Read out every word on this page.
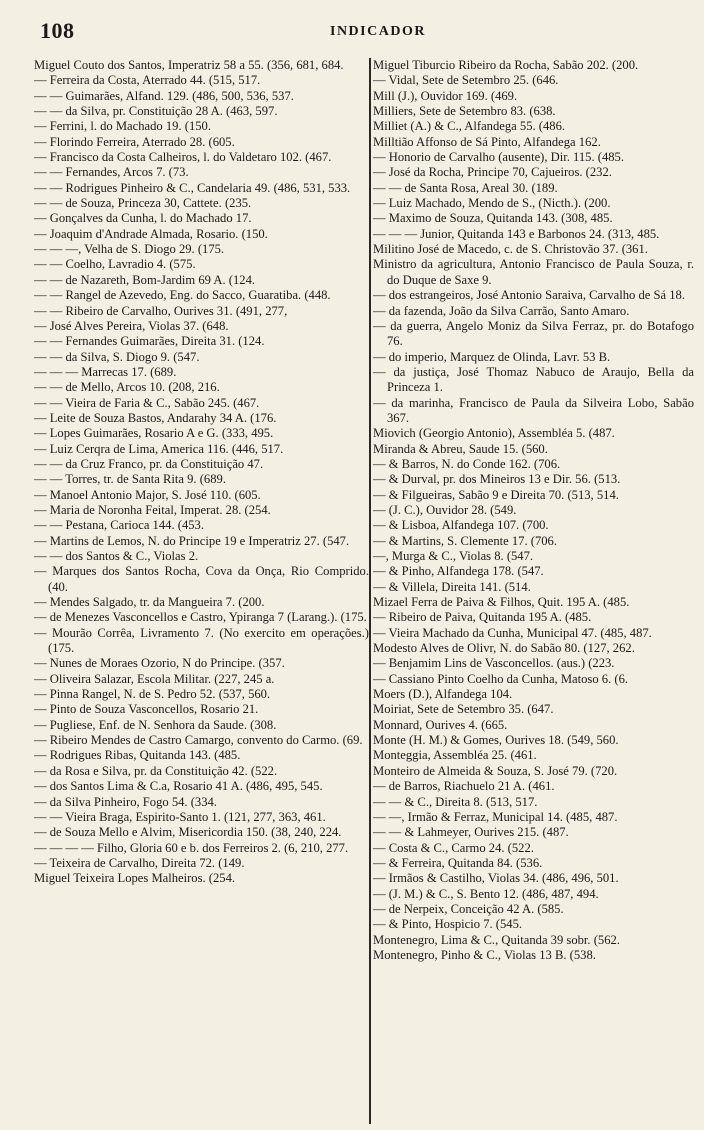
108	INDICADOR
Miguel Couto dos Santos, Imperatriz 58 a 55. (356, 681, 684.
— Ferreira da Costa, Aterrado 44. (515, 517.
— — Guimarães, Alfand. 129. (486, 500, 536, 537.
— — da Silva, pr. Constituição 28 A. (463, 597.
— Ferrini, l. do Machado 19. (150.
— Florindo Ferreira, Aterrado 28. (605.
— Francisco da Costa Calheiros, l. do Valdetaro 102. (467.
— — Fernandes, Arcos 7. (73.
— — Rodrigues Pinheiro & C., Candelaria 49. (486, 531, 533.
— — de Souza, Princeza 30, Cattete. (235.
— Gonçalves da Cunha, l. do Machado 17.
— Joaquim d'Andrade Almada, Rosario. (150.
— — —, Velha de S. Diogo 29. (175.
— — Coelho, Lavradio 4. (575.
— — de Nazareth, Bom-Jardim 69 A. (124.
— — Rangel de Azevedo, Eng. do Sacco, Guaratiba. (448.
— — Ribeiro de Carvalho, Ourives 31. (491, 277,
— José Alves Pereira, Violas 37. (648.
— — Fernandes Guimarães, Direita 31. (124.
— — da Silva, S. Diogo 9. (547.
— — — Marrecas 17. (689.
— — de Mello, Arcos 10. (208, 216.
— — Vieira de Faria & C., Sabão 245. (467.
— Leite de Souza Bastos, Andarahy 34 A. (176.
— Lopes Guimarães, Rosario A e G. (333, 495.
— Luiz Cerqra de Lima, America 116. (446, 517.
— — da Cruz Franco, pr. da Constituição 47.
— — Torres, tr. de Santa Rita 9. (689.
— Manoel Antonio Major, S. José 110. (605.
— Maria de Noronha Feital, Imperat. 28. (254.
— — Pestana, Carioca 144. (453.
— Martins de Lemos, N. do Principe 19 e Imperatriz 27. (547.
— — dos Santos & C., Violas 2.
— Marques dos Santos Rocha, Cova da Onça, Rio Comprido. (40.
— Mendes Salgado, tr. da Mangueira 7. (200.
— de Menezes Vasconcellos e Castro, Ypiranga 7 (Larang.). (175.
— Mourão Corrêa, Livramento 7. (No exercito em operações.) (175.
— Nunes de Moraes Ozorio, N do Principe. (357.
— Oliveira Salazar, Escola Militar. (227, 245 a.
— Pinna Rangel, N. de S. Pedro 52. (537, 560.
— Pinto de Souza Vasconcellos, Rosario 21.
— Pugliese, Enf. de N. Senhora da Saude. (308.
— Ribeiro Mendes de Castro Camargo, convento do Carmo. (69.
— Rodrigues Ribas, Quitanda 143. (485.
— da Rosa e Silva, pr. da Constituição 42. (522.
— dos Santos Lima & C.a, Rosario 41 A. (486, 495, 545.
— da Silva Pinheiro, Fogo 54. (334.
— — Vieira Braga, Espirito-Santo 1. (121, 277, 363, 461.
— de Souza Mello e Alvim, Misericordia 150. (38, 240, 224.
— — — — Filho, Gloria 60 e b. dos Ferreiros 2. (6, 210, 277.
— Teixeira de Carvalho, Direita 72. (149.
Miguel Teixeira Lopes Malheiros. (254.
Miguel Tiburcio Ribeiro da Rocha, Sabão 202. (200.
— Vidal, Sete de Setembro 25. (646.
Mill (J.), Ouvidor 169. (469.
Milliers, Sete de Setembro 83. (638.
Milliet (A.) & C., Alfandega 55. (486.
Milltião Affonso de Sá Pinto, Alfandega 162.
— Honorio de Carvalho (ausente), Dir. 115. (485.
— José da Rocha, Principe 70, Cajueiros. (232.
— — de Santa Rosa, Areal 30. (189.
— Luiz Machado, Mendo de S., (Nicth.). (200.
— Maximo de Souza, Quitanda 143. (308, 485.
— — — Junior, Quitanda 143 e Barbonos 24. (313, 485.
Militino José de Macedo, c. de S. Christovão 37. (361.
Ministro da agricultura, Antonio Francisco de Paula Souza, r. do Duque de Saxe 9.
— dos estrangeiros, José Antonio Saraiva, Carvalho de Sá 18.
— da fazenda, João da Silva Carrão, Santo Amaro.
— da guerra, Angelo Moniz da Silva Ferraz, pr. do Botafogo 76.
— do imperio, Marquez de Olinda, Lavr. 53 B.
— da justiça, José Thomaz Nabuco de Araujo, Bella da Princeza 1.
— da marinha, Francisco de Paula da Silveira Lobo, Sabão 367.
Miovich (Georgio Antonio), Assembléa 5. (487.
Miranda & Abreu, Saude 15. (560.
— & Barros, N. do Conde 162. (706.
— & Durval, pr. dos Mineiros 13 e Dir. 56. (513.
— & Filgueiras, Sabão 9 e Direita 70. (513, 514.
— (J. C.), Ouvidor 28. (549.
— & Lisboa, Alfandega 107. (700.
— & Martins, S. Clemente 17. (706.
—, Murga & C., Violas 8. (547.
— & Pinho, Alfandega 178. (547.
— & Villela, Direita 141. (514.
Mizael Ferra de Paiva & Filhos, Quit. 195 A. (485.
— Ribeiro de Paiva, Quitanda 195 A. (485.
— Vieira Machado da Cunha, Municipal 47. (485, 487.
Modesto Alves de Olivr, N. do Sabão 80. (127, 262.
— Benjamim Lins de Vasconcellos. (aus.) (223.
— Cassiano Pinto Coelho da Cunha, Matoso 6. (6.
Moers (D.), Alfandega 104.
Moiriat, Sete de Setembro 35. (647.
Monnard, Ourives 4. (665.
Monte (H. M.) & Gomes, Ourives 18. (549, 560.
Monteggia, Assembléa 25. (461.
Monteiro de Almeida & Souza, S. José 79. (720.
— de Barros, Riachuelo 21 A. (461.
— — & C., Direita 8. (513, 517.
— —, Irmão & Ferraz, Municipal 14. (485, 487.
— — & Lahmeyer, Ourives 215. (487.
— Costa & C., Carmo 24. (522.
— & Ferreira, Quitanda 84. (536.
— Irmãos & Castilho, Violas 34. (486, 496, 501.
— (J. M.) & C., S. Bento 12. (486, 487, 494.
— de Nerpeix, Conceição 42 A. (585.
— & Pinto, Hospicio 7. (545.
Montenegro, Lima & C., Quitanda 39 sobr. (562.
Montenegro, Pinho & C., Violas 13 B. (538.
